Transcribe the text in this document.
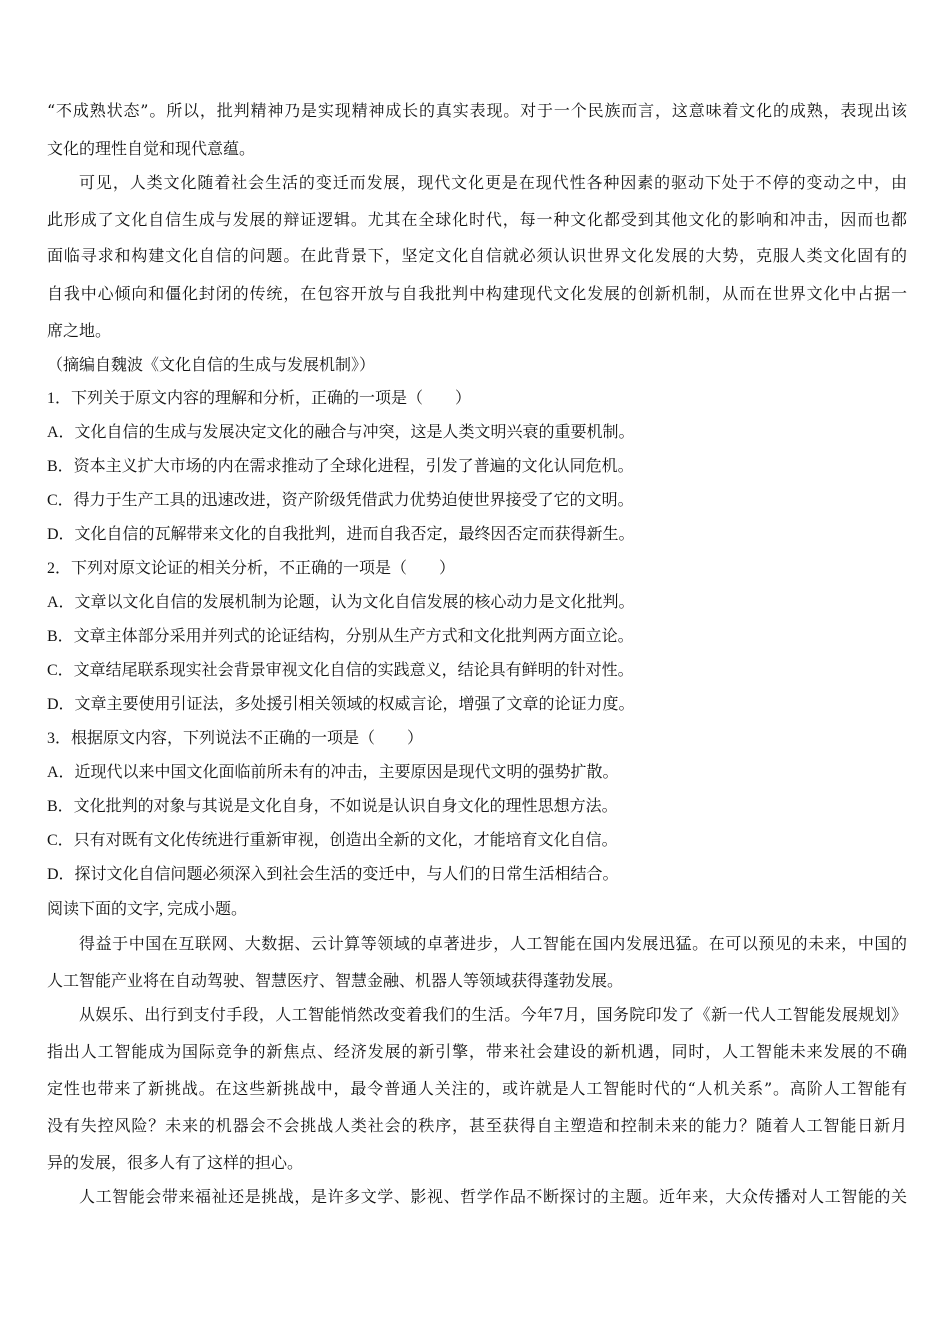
“不成熟状态”。所以，批判精神乃是实现精神成长的真实表现。对于一个民族而言，这意味着文化的成熟，表现出该

文化的理性自觉和现代意蕴。

可见，人类文化随着社会生活的变迁而发展，现代文化更是在现代性各种因素的驱动下处于不停的变动之中，由

此形成了文化自信生成与发展的辩证逻辑。尤其在全球化时代，每一种文化都受到其他文化的影响和冲击，因而也都

面临寻求和构建文化自信的问题。在此背景下，坚定文化自信就必须认识世界文化发展的大势，克服人类文化固有的

自我中心倾向和僵化封闭的传统，在包容开放与自我批判中构建现代文化发展的创新机制，从而在世界文化中占据一

席之地。

（摘编自魏波《文化自信的生成与发展机制》）

1．下列关于原文内容的理解和分析，正确的一项是（　　）

A．文化自信的生成与发展决定文化的融合与冲突，这是人类文明兴衰的重要机制。

B．资本主义扩大市场的内在需求推动了全球化进程，引发了普遍的文化认同危机。

C．得力于生产工具的迅速改进，资产阶级凭借武力优势迫使世界接受了它的文明。

D．文化自信的瓦解带来文化的自我批判，进而自我否定，最终因否定而获得新生。

2．下列对原文论证的相关分析，不正确的一项是（　　）

A．文章以文化自信的发展机制为论题，认为文化自信发展的核心动力是文化批判。

B．文章主体部分采用并列式的论证结构，分别从生产方式和文化批判两方面立论。

C．文章结尾联系现实社会背景审视文化自信的实践意义，结论具有鲜明的针对性。

D．文章主要使用引证法，多处援引相关领域的权威言论，增强了文章的论证力度。

3．根据原文内容，下列说法不正确的一项是（　　）

A．近现代以来中国文化面临前所未有的冲击，主要原因是现代文明的强势扩散。

B．文化批判的对象与其说是文化自身，不如说是认识自身文化的理性思想方法。

C．只有对既有文化传统进行重新审视，创造出全新的文化，才能培育文化自信。

D．探讨文化自信问题必须深入到社会生活的变迁中，与人们的日常生活相结合。

阅读下面的文字, 完成小题。

得益于中国在互联网、大数据、云计算等领域的卓著进步，人工智能在国内发展迅猛。在可以预见的未来，中国的

人工智能产业将在自动驾驶、智慧医疗、智慧金融、机器人等领域获得蓬勃发展。

从娱乐、出行到支付手段，人工智能悄然改变着我们的生活。今年7月，国务院印发了《新一代人工智能发展规划》

指出人工智能成为国际竞争的新焦点、经济发展的新引擎，带来社会建设的新机遇，同时，人工智能未来发展的不确

定性也带来了新挑战。在这些新挑战中，最令普通人关注的，或许就是人工智能时代的“人机关系”。高阶人工智能有

没有失控风险？未来的机器会不会挑战人类社会的秩序，甚至获得自主塑造和控制未来的能力？随着人工智能日新月

异的发展，很多人有了这样的担心。

人工智能会带来福祉还是挑战，是许多文学、影视、哲学作品不断探讨的主题。近年来，大众传播对人工智能的关
